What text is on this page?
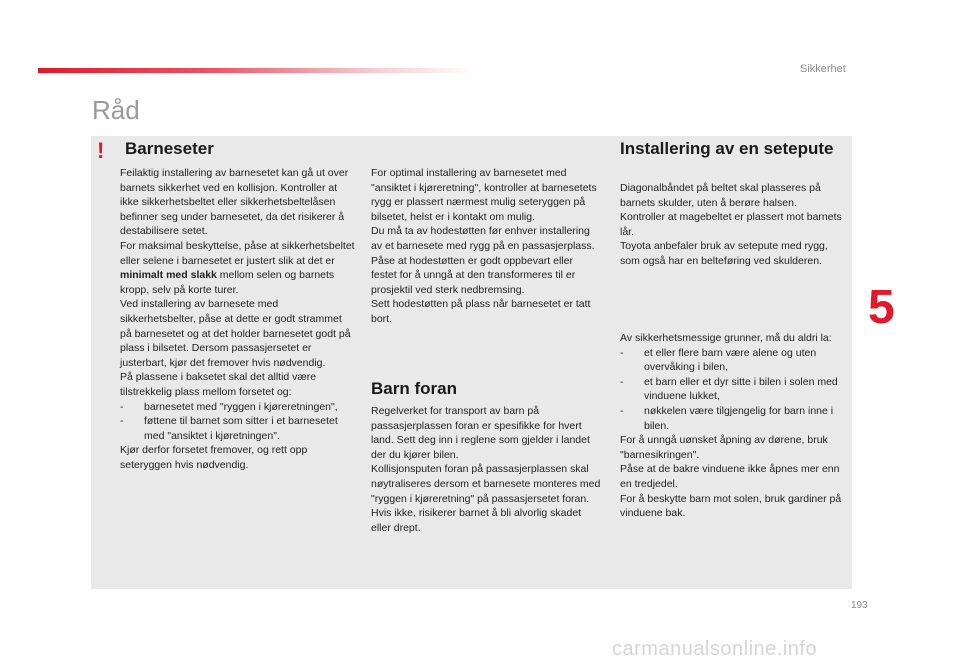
Sikkerhet
Råd
! Barneseter

Feilaktig installering av barnesetet kan gå ut over barnets sikkerhet ved en kollisjon. Kontroller at ikke sikkerhetsbeltet eller sikkerhetsbeltelåsen befinner seg under barnesetet, da det risikerer å destabilisere setet.

For maksimal beskyttelse, påse at sikkerhetsbeltet eller selene i barnesetet er justert slik at det er minimalt med slakk mellom selen og barnets kropp, selv på korte turer.

Ved installering av barnesete med sikkerhetsbelter, påse at dette er godt strammet på barnesetet og at det holder barnesetet godt på plass i bilsetet. Dersom passasjersetet er justerbart, kjør det fremover hvis nødvendig.

På plassene i baksetet skal det alltid være tilstrekkelig plass mellom forsetet og:

- barnesetet med "ryggen i kjøreretningen",

- føttene til barnet som sitter i et barnesetet med "ansiktet i kjøretningen".

Kjør derfor forsetet fremover, og rett opp seteryggen hvis nødvendig.

For optimal installering av barnesetet med "ansiktet i kjøreretning", kontroller at barnesetets rygg er plassert nærmest mulig seteryggen på bilsetet, helst er i kontakt om mulig.

Du må ta av hodestøtten før enhver installering av et barnesete med rygg på en passasjerplass.

Påse at hodestøtten er godt oppbevart eller festet for å unngå at den transformeres til er prosjektil ved sterk nedbremsing.

Sett hodestøtten på plass når barnesetet er tatt bort.

Barn foran

Regelverket for transport av barn på passasjerplassen foran er spesifikke for hvert land. Sett deg inn i reglene som gjelder i landet der du kjører bilen.

Kollisjonsputen foran på passasjerplassen skal nøytraliseres dersom et barnesete monteres med "ryggen i kjøreretning" på passasjersetet foran. Hvis ikke, risikerer barnet å bli alvorlig skadet eller drept.

Installering av en setepute

Diagonalbåndet på beltet skal plasseres på barnets skulder, uten å berøre halsen.

Kontroller at magebeltet er plassert mot barnets lår.

Toyota anbefaler bruk av setepute med rygg, som også har en belteføring ved skulderen.

Av sikkerhetsmessige grunner, må du aldri la:

- et eller flere barn være alene og uten overvåking i bilen,

- et barn eller et dyr sitte i bilen i solen med vinduene lukket,

- nøkkelen være tilgjengelig for barn inne i bilen.

For å unngå uønsket åpning av dørene, bruk "barnesikringen".

Påse at de bakre vinduene ikke åpnes mer enn en tredjedel.

For å beskytte barn mot solen, bruk gardiner på vinduene bak.

5
193
carmanualsonline.info
